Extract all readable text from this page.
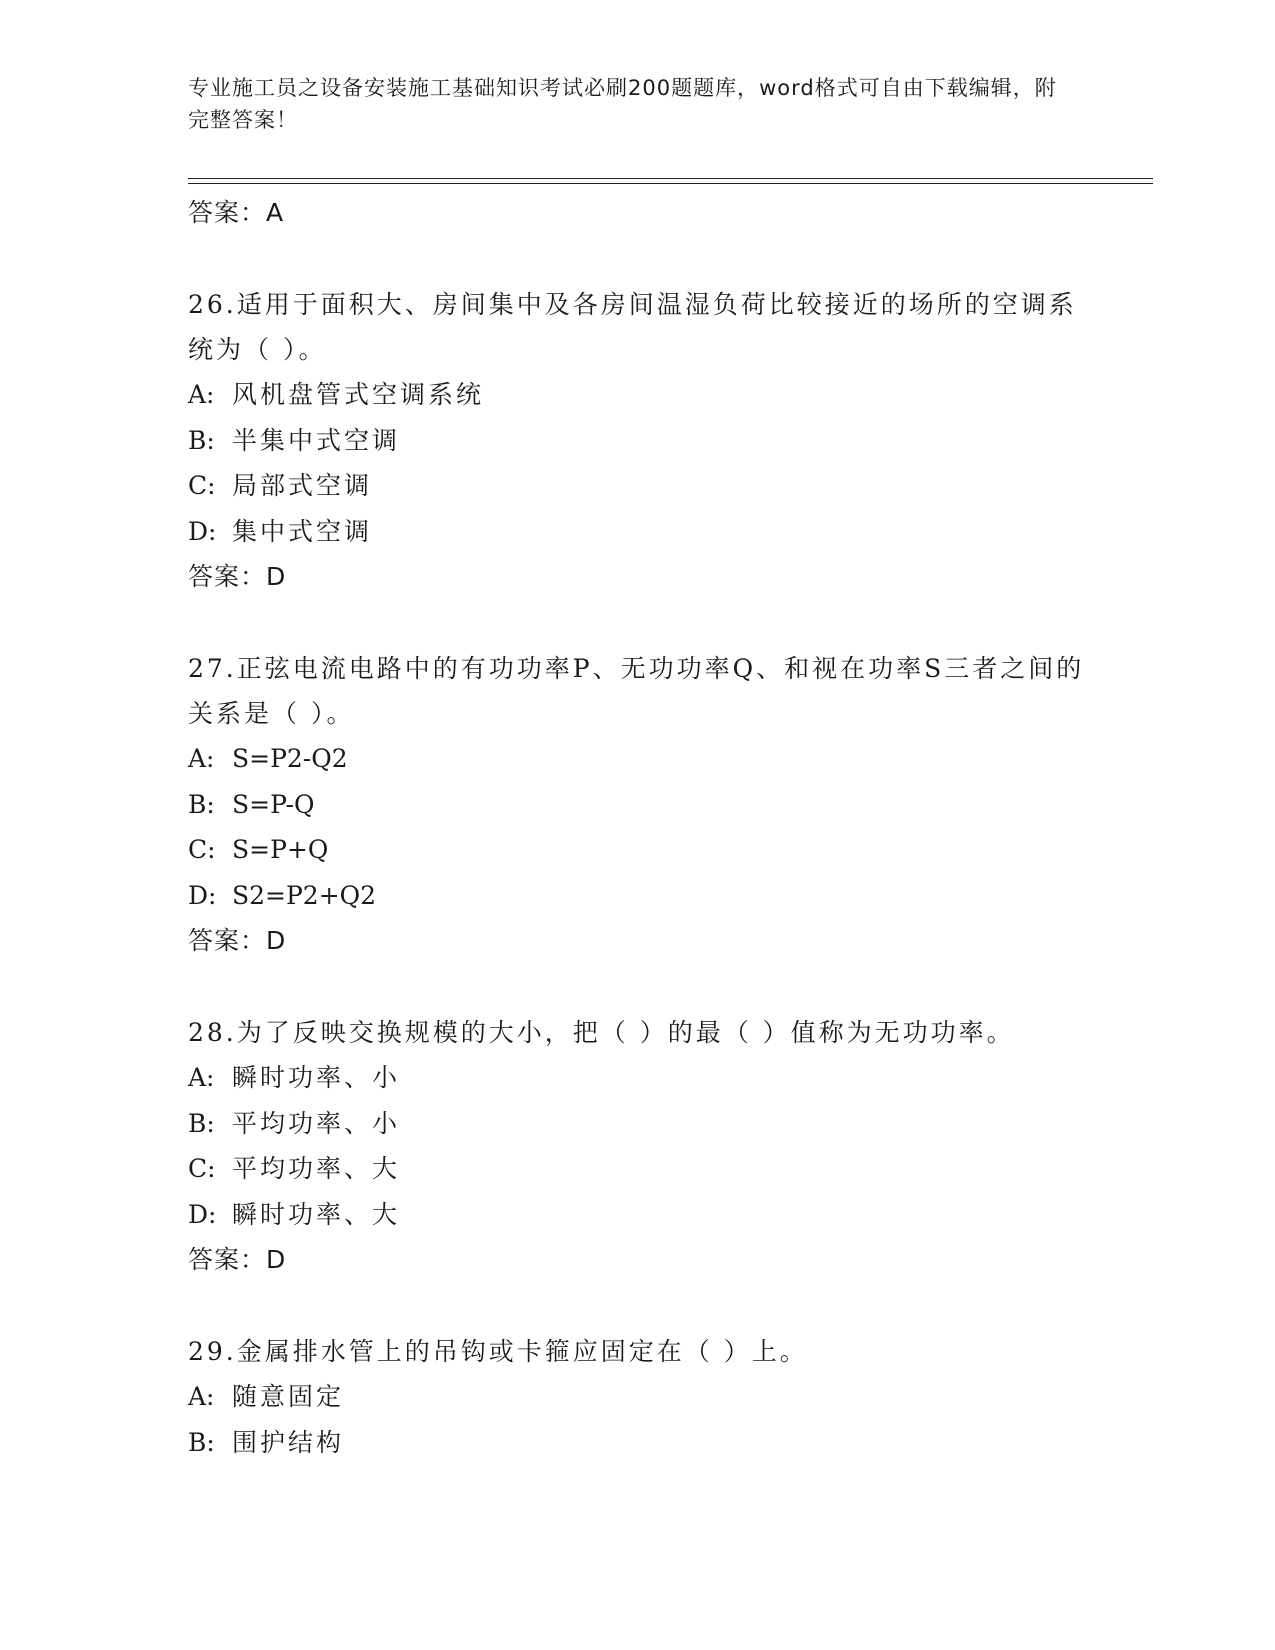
专业施工员之设备安装施工基础知识考试必刷200题题库，word格式可自由下载编辑，附完整答案！
答案：A
26.适用于面积大、房间集中及各房间温湿负荷比较接近的场所的空调系统为（ ）。
A: 风机盘管式空调系统
B: 半集中式空调
C: 局部式空调
D: 集中式空调
答案：D
27.正弦电流电路中的有功功率P、无功功率Q、和视在功率S三者之间的关系是（ ）。
A: S=P2-Q2
B: S=P-Q
C: S=P+Q
D: S2=P2+Q2
答案：D
28.为了反映交换规模的大小，把（ ）的最（ ）值称为无功功率。
A: 瞬时功率、小
B: 平均功率、小
C: 平均功率、大
D: 瞬时功率、大
答案：D
29.金属排水管上的吊钩或卡箍应固定在（ ）上。
A: 随意固定
B: 围护结构
